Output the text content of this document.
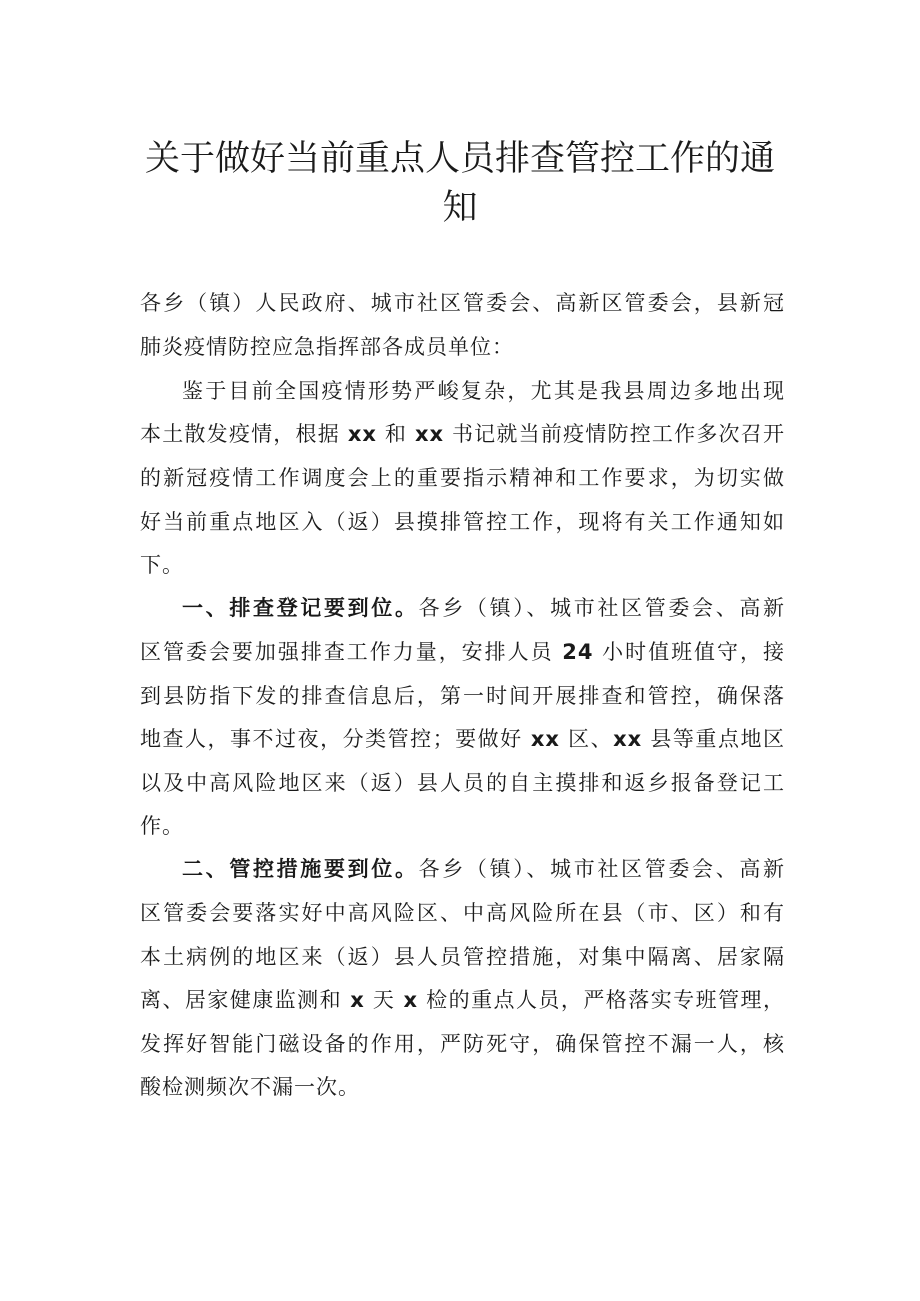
关于做好当前重点人员排查管控工作的通
知

各乡（镇）人民政府、城市社区管委会、高新区管委会，县新冠

肺炎疫情防控应急指挥部各成员单位：

鉴于目前全国疫情形势严峻复杂，尤其是我县周边多地出现

本土散发疫情，根据 xx 和 xx 书记就当前疫情防控工作多次召开

的新冠疫情工作调度会上的重要指示精神和工作要求，为切实做

好当前重点地区入（返）县摸排管控工作，现将有关工作通知如

下。

一、排查登记要到位。各乡（镇）、城市社区管委会、高新

区管委会要加强排查工作力量，安排人员 24 小时值班值守，接

到县防指下发的排查信息后，第一时间开展排查和管控，确保落

地查人，事不过夜，分类管控；要做好 xx 区、xx 县等重点地区

以及中高风险地区来（返）县人员的自主摸排和返乡报备登记工

作。

二、管控措施要到位。各乡（镇）、城市社区管委会、高新

区管委会要落实好中高风险区、中高风险所在县（市、区）和有

本土病例的地区来（返）县人员管控措施，对集中隔离、居家隔

离、居家健康监测和 x 天 x 检的重点人员，严格落实专班管理，

发挥好智能门磁设备的作用，严防死守，确保管控不漏一人，核

酸检测频次不漏一次。
